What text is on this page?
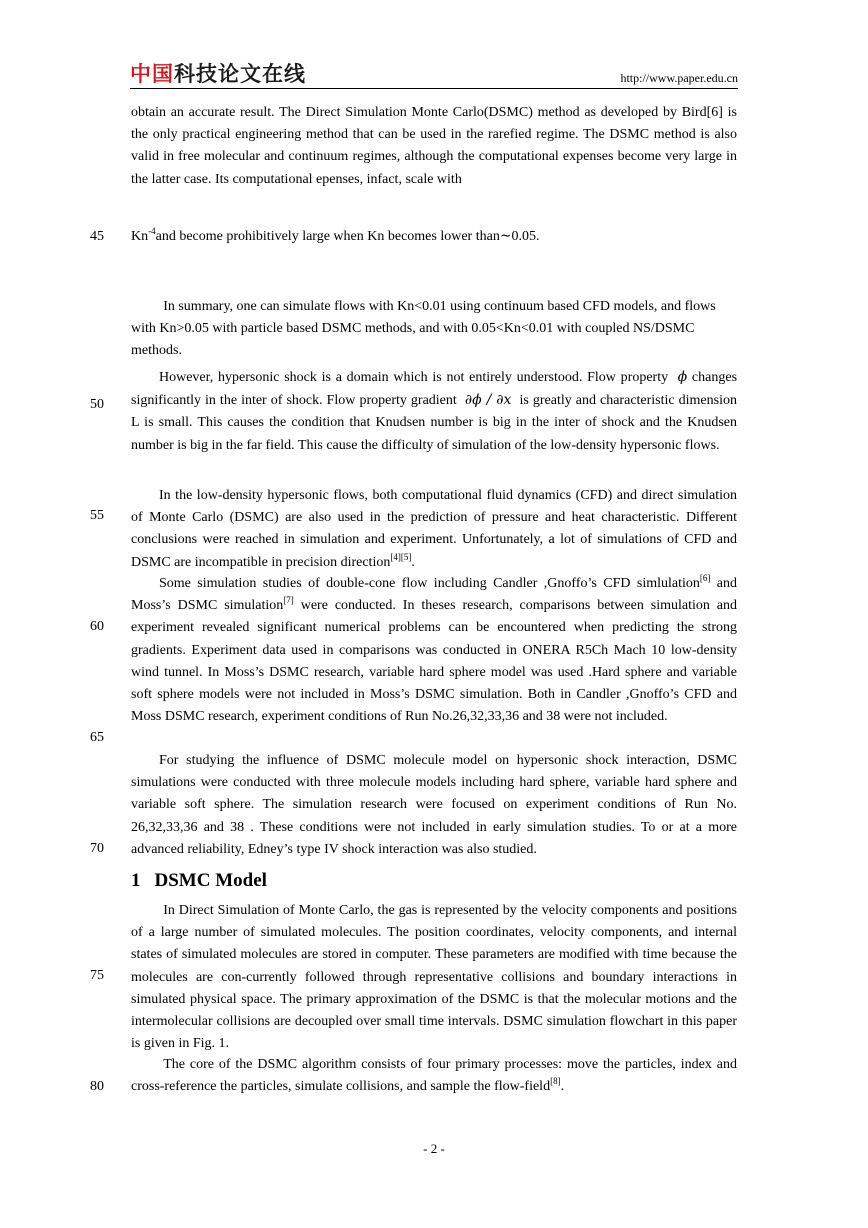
中国科技论文在线	http://www.paper.edu.cn
45
50
55
60
65
70
75
80

obtain an accurate result. The Direct Simulation Monte Carlo(DSMC) method as developed by Bird[6] is the only practical engineering method that can be used in the rarefied regime. The DSMC method is also valid in free molecular and continuum regimes, although the computational expenses become very large in the latter case. Its computational epenses, infact, scale with

$Kn^{-4}and$ become prohibitively large when Kn becomes lower than∼0.05.

In summary, one can simulate flows with Kn<0.01 using continuum based CFD models, and flows with Kn>0.05 with particle based DSMC methods, and with 0.05<Kn<0.01 with coupled NS/DSMC methods.

However, hypersonic shock is a domain which is not entirely understood. Flow property ϕ changes significantly in the inter of shock. Flow property gradient ∂ϕ / ∂x is greatly and characteristic dimension L is small. This causes the condition that Knudsen number is big in the inter of shock and the Knudsen number is big in the far field. This cause the difficulty of simulation of the low-density hypersonic flows.

In the low-density hypersonic flows, both computational fluid dynamics (CFD) and direct simulation of Monte Carlo (DSMC) are also used in the prediction of pressure and heat characteristic. Different conclusions were reached in simulation and experiment. Unfortunately, a lot of simulations of CFD and DSMC are incompatible in precision direction[4][5].

Some simulation studies of double-cone flow including Candler ,Gnoffo’s CFD simlulation[6] and Moss’s DSMC simulation[7] were conducted. In theses research, comparisons between simulation and experiment revealed significant numerical problems can be encountered when predicting the strong gradients. Experiment data used in comparisons was conducted in ONERA R5Ch Mach 10 low-density wind tunnel. In Moss’s DSMC research, variable hard sphere model was used .Hard sphere and variable soft sphere models were not included in Moss’s DSMC simulation. Both in Candler ,Gnoffo’s CFD and Moss DSMC research, experiment conditions of Run No.26,32,33,36 and 38 were not included.

For studying the influence of DSMC molecule model on hypersonic shock interaction, DSMC simulations were conducted with three molecule models including hard sphere, variable hard sphere and variable soft sphere. The simulation research were focused on experiment conditions of Run No. 26,32,33,36 and 38 . These conditions were not included in early simulation studies. To or at a more advanced reliability, Edney’s type IV shock interaction was also studied.

1 DSMC Model

In Direct Simulation of Monte Carlo, the gas is represented by the velocity components and positions of a large number of simulated molecules. The position coordinates, velocity components, and internal states of simulated molecules are stored in computer. These parameters are modified with time because the molecules are con-currently followed through representative collisions and boundary interactions in simulated physical space. The primary approximation of the DSMC is that the molecular motions and the intermolecular collisions are decoupled over small time intervals. DSMC simulation flowchart in this paper is given in Fig. 1.

The core of the DSMC algorithm consists of four primary processes: move the particles, index and cross-reference the particles, simulate collisions, and sample the flow-field[8].

- 2 -
